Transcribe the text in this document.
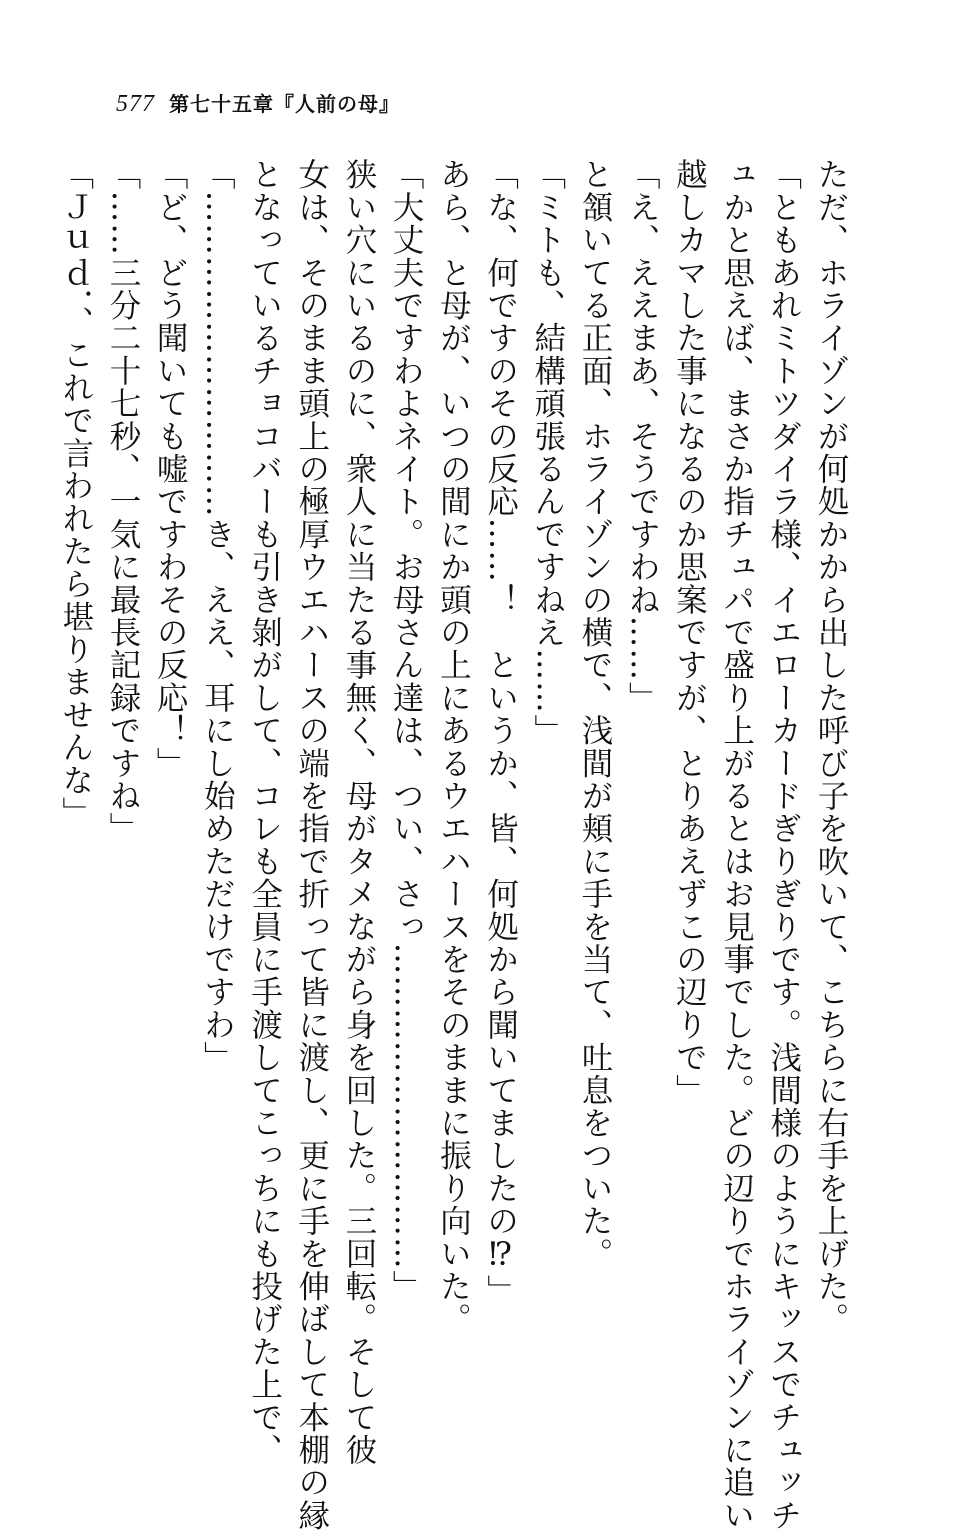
577 第七十五章『人前の母』
ただ、ホライゾンが何処かから出した呼び子を吹いて、こちらに右手を上げた。
「ともあれミトツダイラ様、イエローカードぎりぎりです。浅間様のようにキッスでチュッチ
ュかと思えば、まさか指チュパで盛り上がるとはお見事でした。どの辺りでホライゾンに追い
越しカマした事になるのか思案ですが、とりあえずこの辺りで」
「え、ええまあ、そうですわね……」
と頷いてる正面、ホライゾンの横で、浅間が頬に手を当て、吐息をついた。
「ミトも、結構頑張るんですねえ……」
「な、何ですのその反応……！　というか、皆、何処から聞いてましたの⁉」
あら、と母が、いつの間にか頭の上にあるウエハースをそのままに振り向いた。
「大丈夫ですわよネイト。お母さん達は、つい、さっ…………………………」
狭い穴にいるのに、衆人に当たる事無く、母がタメながら身を回した。三回転。そして彼
女は、そのまま頭上の極厚ウエハースの端を指で折って皆に渡し、更に手を伸ばして本棚の縁
となっているチョコバーも引き剝がして、コレも全員に手渡してこっちにも投げた上で、
「…………………………き、ええ、耳にし始めただけですわ」
「ど、どう聞いても嘘ですわその反応！」
「……三分二十七秒、一気に最長記録ですね」
「Ｊｕｄ．、これで言われたら堪りませんな」
